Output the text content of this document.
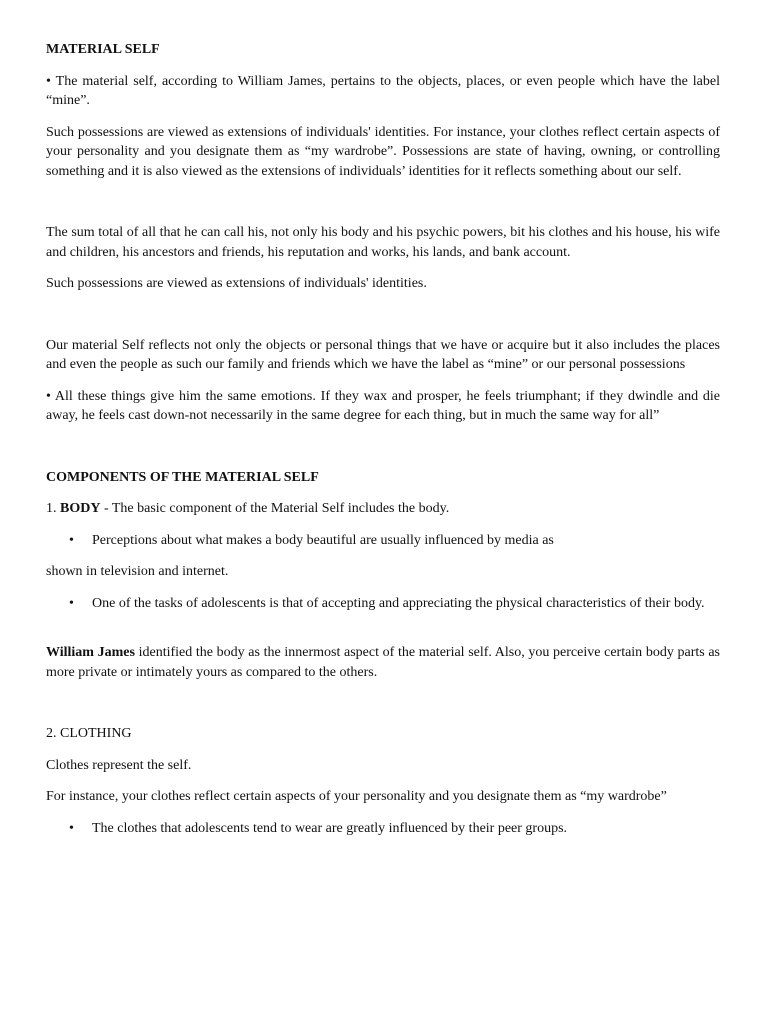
MATERIAL SELF

• The material self, according to William James, pertains to the objects, places, or even people which have the label “mine”.

Such possessions are viewed as extensions of individuals' identities. For instance, your clothes reflect certain aspects of your personality and you designate them as “my wardrobe”. Possessions are state of having, owning, or controlling something and it is also viewed as the extensions of individuals’ identities for it reflects something about our self.

The sum total of all that he can call his, not only his body and his psychic powers, bit his clothes and his house, his wife and children, his ancestors and friends, his reputation and works, his lands, and bank account.

Such possessions are viewed as extensions of individuals' identities.

Our material Self reflects not only the objects or personal things that we have or acquire but it also includes the places and even the people as such our family and friends which we have the label as “mine” or our personal possessions

• All these things give him the same emotions. If they wax and prosper, he feels triumphant; if they dwindle and die away, he feels cast down-not necessarily in the same degree for each thing, but in much the same way for all”

COMPONENTS OF THE MATERIAL SELF

1. BODY - The basic component of the Material Self includes the body.

• Perceptions about what makes a body beautiful are usually influenced by media as

shown in television and internet.

• One of the tasks of adolescents is that of accepting and appreciating the physical characteristics of their body.

William James identified the body as the innermost aspect of the material self. Also, you perceive certain body parts as more private or intimately yours as compared to the others.

2. CLOTHING

Clothes represent the self.

For instance, your clothes reflect certain aspects of your personality and you designate them as “my wardrobe”

• The clothes that adolescents tend to wear are greatly influenced by their peer groups.
